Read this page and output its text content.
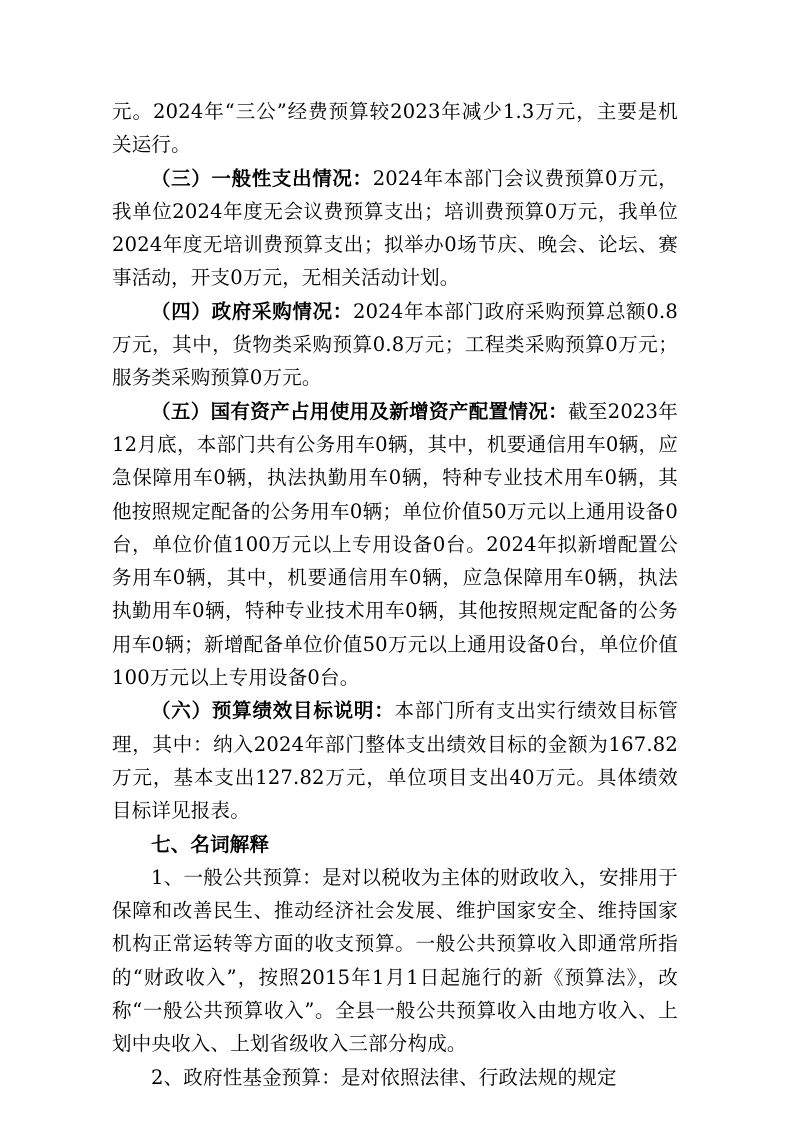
元。2024年“三公”经费预算较2023年减少1.3万元，主要是机关运行。

（三）一般性支出情况：2024年本部门会议费预算0万元，我单位2024年度无会议费预算支出；培训费预算0万元，我单位2024年度无培训费预算支出；拟举办0场节庆、晚会、论坛、赛事活动，开支0万元，无相关活动计划。

（四）政府采购情况：2024年本部门政府采购预算总额0.8万元，其中，货物类采购预算0.8万元；工程类采购预算0万元；服务类采购预算0万元。

（五）国有资产占用使用及新增资产配置情况：截至2023年12月底，本部门共有公务用车0辆，其中，机要通信用车0辆，应急保障用车0辆，执法执勤用车0辆，特种专业技术用车0辆，其他按照规定配备的公务用车0辆；单位价值50万元以上通用设备0台，单位价值100万元以上专用设备0台。2024年拟新增配置公务用车0辆，其中，机要通信用车0辆，应急保障用车0辆，执法执勤用车0辆，特种专业技术用车0辆，其他按照规定配备的公务用车0辆；新增配备单位价值50万元以上通用设备0台，单位价值100万元以上专用设备0台。

（六）预算绩效目标说明：本部门所有支出实行绩效目标管理，其中：纳入2024年部门整体支出绩效目标的金额为167.82万元，基本支出127.82万元，单位项目支出40万元。具体绩效目标详见报表。

七、名词解释

1、一般公共预算：是对以税收为主体的财政收入，安排用于保障和改善民生、推动经济社会发展、维护国家安全、维持国家机构正常运转等方面的收支预算。一般公共预算收入即通常所指的“财政收入”，按照2015年1月1日起施行的新《预算法》，改称“一般公共预算收入”。全县一般公共预算收入由地方收入、上划中央收入、上划省级收入三部分构成。

2、政府性基金预算：是对依照法律、行政法规的规定
